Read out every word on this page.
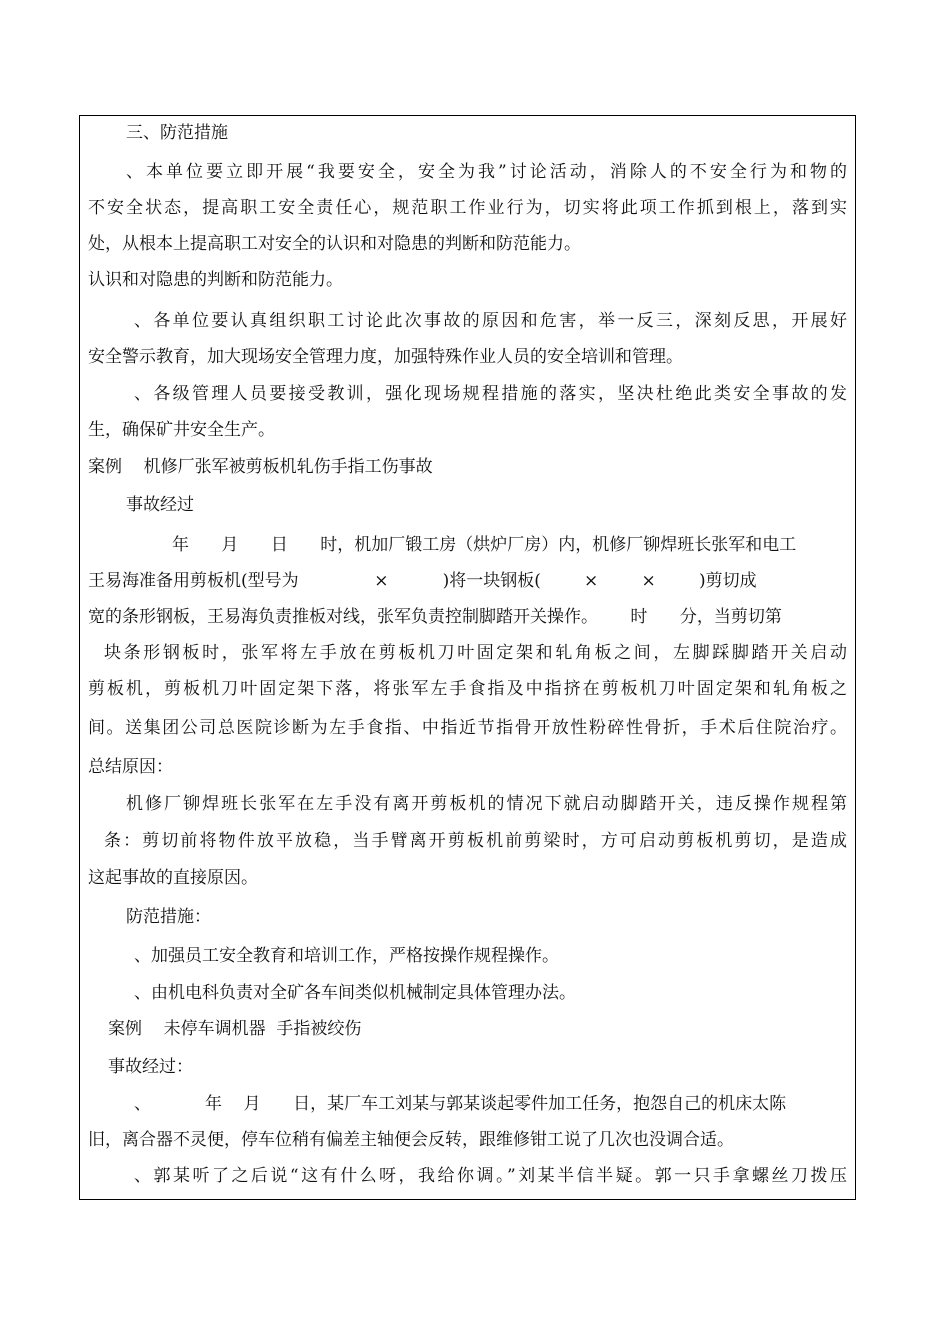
三、防范措施
、本单位要立即开展“我要安全，安全为我”讨论活动，消除人的不安全行为和物的
不安全状态，提高职工安全责任心，规范职工作业行为，切实将此项工作抓到根上，落到实
处，从根本上提高职工对安全的认识和对隐患的判断和防范能力。
认识和对隐患的判断和防范能力。
、各单位要认真组织职工讨论此次事故的原因和危害，举一反三，深刻反思，开展好
安全警示教育，加大现场安全管理力度，加强特殊作业人员的安全培训和管理。
、各级管理人员要接受教训，强化现场规程措施的落实，坚决杜绝此类安全事故的发
生，确保矿井安全生产。
案例    机修厂张军被剪板机轧伤手指工伤事故
事故经过
年      月      日      时，机加厂锻工房（烘炉厂房）内，机修厂铆焊班长张军和电工
王易海准备用剪板机(型号为              ×          )将一块钢板(        ×        ×        )剪切成
宽的条形钢板，王易海负责推板对线，张军负责控制脚踏开关操作。      时      分，当剪切第
块条形钢板时，张军将左手放在剪板机刀叶固定架和轧角板之间，左脚踩脚踏开关启动
剪板机，剪板机刀叶固定架下落，将张军左手食指及中指挤在剪板机刀叶固定架和轧角板之
间。送集团公司总医院诊断为左手食指、中指近节指骨开放性粉碎性骨折，手术后住院治疗。
总结原因：
机修厂铆焊班长张军在左手没有离开剪板机的情况下就启动脚踏开关，违反操作规程第
条：剪切前将物件放平放稳，当手臂离开剪板机前剪梁时，方可启动剪板机剪切，是造成
这起事故的直接原因。
防范措施：
、加强员工安全教育和培训工作，严格按操作规程操作。
、由机电科负责对全矿各车间类似机械制定具体管理办法。
案例    未停车调机器  手指被绞伤
事故经过：
、          年    月      日，某厂车工刘某与郭某谈起零件加工任务，抱怨自己的机床太陈
旧，离合器不灵便，停车位稍有偏差主轴便会反转，跟维修钳工说了几次也没调合适。
、郭某听了之后说“这有什么呀，我给你调。”刘某半信半疑。郭一只手拿螺丝刀拨压
